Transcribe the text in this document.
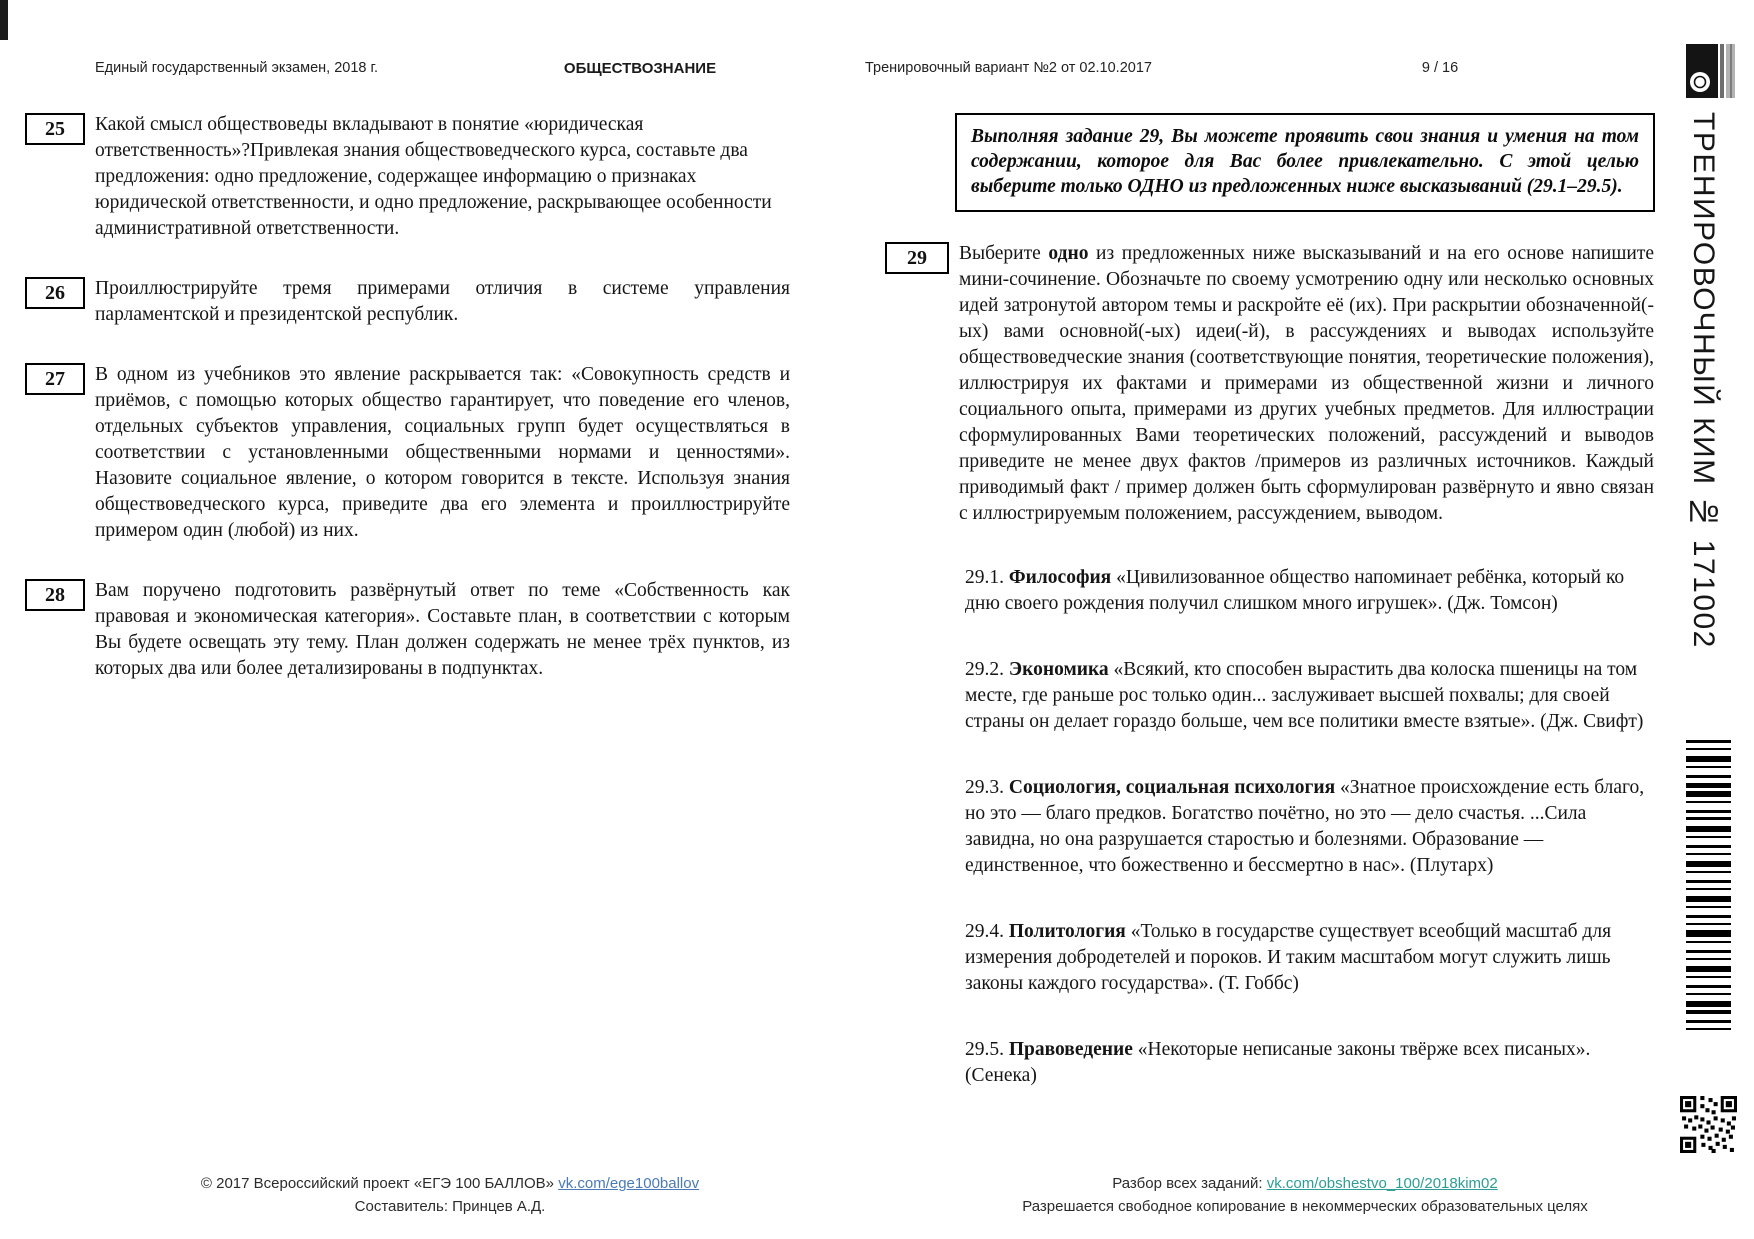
Единый государственный экзамен, 2018 г.	ОБЩЕСТВОЗНАНИЕ	Тренировочный вариант №2 от 02.10.2017	9 / 16
25	Какой смысл обществоведы вкладывают в понятие «юридическая ответственность»?Привлекая знания обществоведческого курса, составьте два предложения: одно предложение, содержащее информацию о признаках юридической ответственности, и одно предложение, раскрывающее особенности административной ответственности.
26	Проиллюстрируйте тремя примерами отличия в системе управления парламентской и президентской республик.
27	В одном из учебников это явление раскрывается так: «Совокупность средств и приёмов, с помощью которых общество гарантирует, что поведение его членов, отдельных субъектов управления, социальных групп будет осуществляться в соответствии с установленными общественными нормами и ценностями». Назовите социальное явление, о котором говорится в тексте. Используя знания обществоведческого курса, приведите два его элемента и проиллюстрируйте примером один (любой) из них.
28	Вам поручено подготовить развёрнутый ответ по теме «Собственность как правовая и экономическая категория». Составьте план, в соответствии с которым Вы будете освещать эту тему. План должен содержать не менее трёх пунктов, из которых два или более детализированы в подпунктах.
Выполняя задание 29, Вы можете проявить свои знания и умения на том содержании, которое для Вас более привлекательно. С этой целью выберите только ОДНО из предложенных ниже высказываний (29.1–29.5).
29	Выберите одно из предложенных ниже высказываний и на его основе напишите мини-сочинение. Обозначьте по своему усмотрению одну или несколько основных идей затронутой автором темы и раскройте её (их). При раскрытии обозначенной(-ых) вами основной(-ых) идеи(-й), в рассуждениях и выводах используйте обществоведческие знания (соответствующие понятия, теоретические положения), иллюстрируя их фактами и примерами из общественной жизни и личного социального опыта, примерами из других учебных предметов. Для иллюстрации сформулированных Вами теоретических положений, рассуждений и выводов приведите не менее двух фактов /примеров из различных источников. Каждый приводимый факт / пример должен быть сформулирован развёрнуто и явно связан с иллюстрируемым положением, рассуждением, выводом.

29.1. Философия «Цивилизованное общество напоминает ребёнка, который ко дню своего рождения получил слишком много игрушек». (Дж. Томсон)

29.2. Экономика «Всякий, кто способен вырастить два колоска пшеницы на том месте, где раньше рос только один... заслуживает высшей похвалы; для своей страны он делает гораздо больше, чем все политики вместе взятые». (Дж. Свифт)

29.3. Социология, социальная психология «Знатное происхождение есть благо, но это — благо предков. Богатство почётно, но это — дело счастья. ...Сила завидна, но она разрушается старостью и болезнями. Образование — единственное, что божественно и бессмертно в нас». (Плутарх)

29.4. Политология «Только в государстве существует всеобщий масштаб для измерения добродетелей и пороков. И таким масштабом могут служить лишь законы каждого государства». (Т. Гоббс)

29.5. Правоведение «Некоторые неписаные законы твёрже всех писаных». (Сенека)

ТРЕНИРОВОЧНЫЙ КИМ № 171002
© 2017 Всероссийский проект «ЕГЭ 100 БАЛЛОВ» vk.com/ege100ballov
Составитель: Принцев А.Д.
Разбор всех заданий: vk.com/obshestvo_100/2018kim02
Разрешается свободное копирование в некоммерческих образовательных целях
